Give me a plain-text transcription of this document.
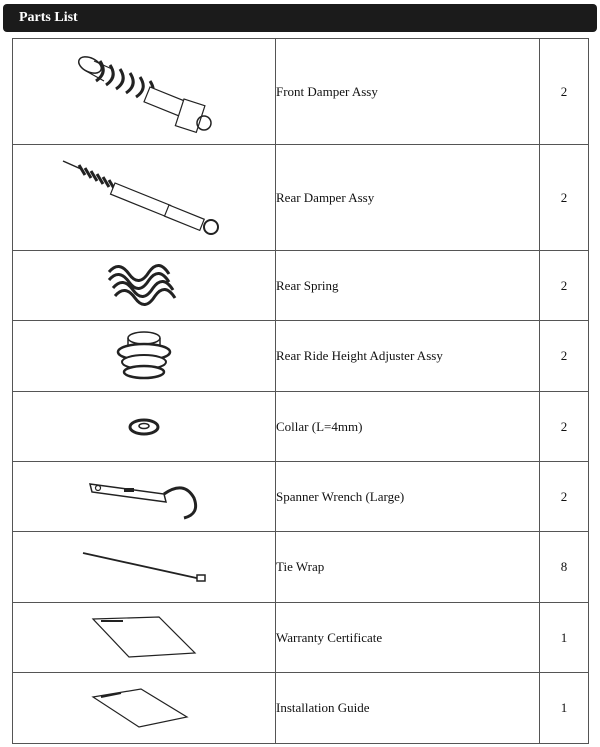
Parts List
	Front Damper Assy	2

	Rear Damper Assy	2

	Rear Spring	2

	Rear Ride Height Adjuster Assy	2

	Collar (L=4mm)	2

	Spanner Wrench (Large)	2

	Tie Wrap	8

	Warranty Certificate	1

	Installation Guide	1
